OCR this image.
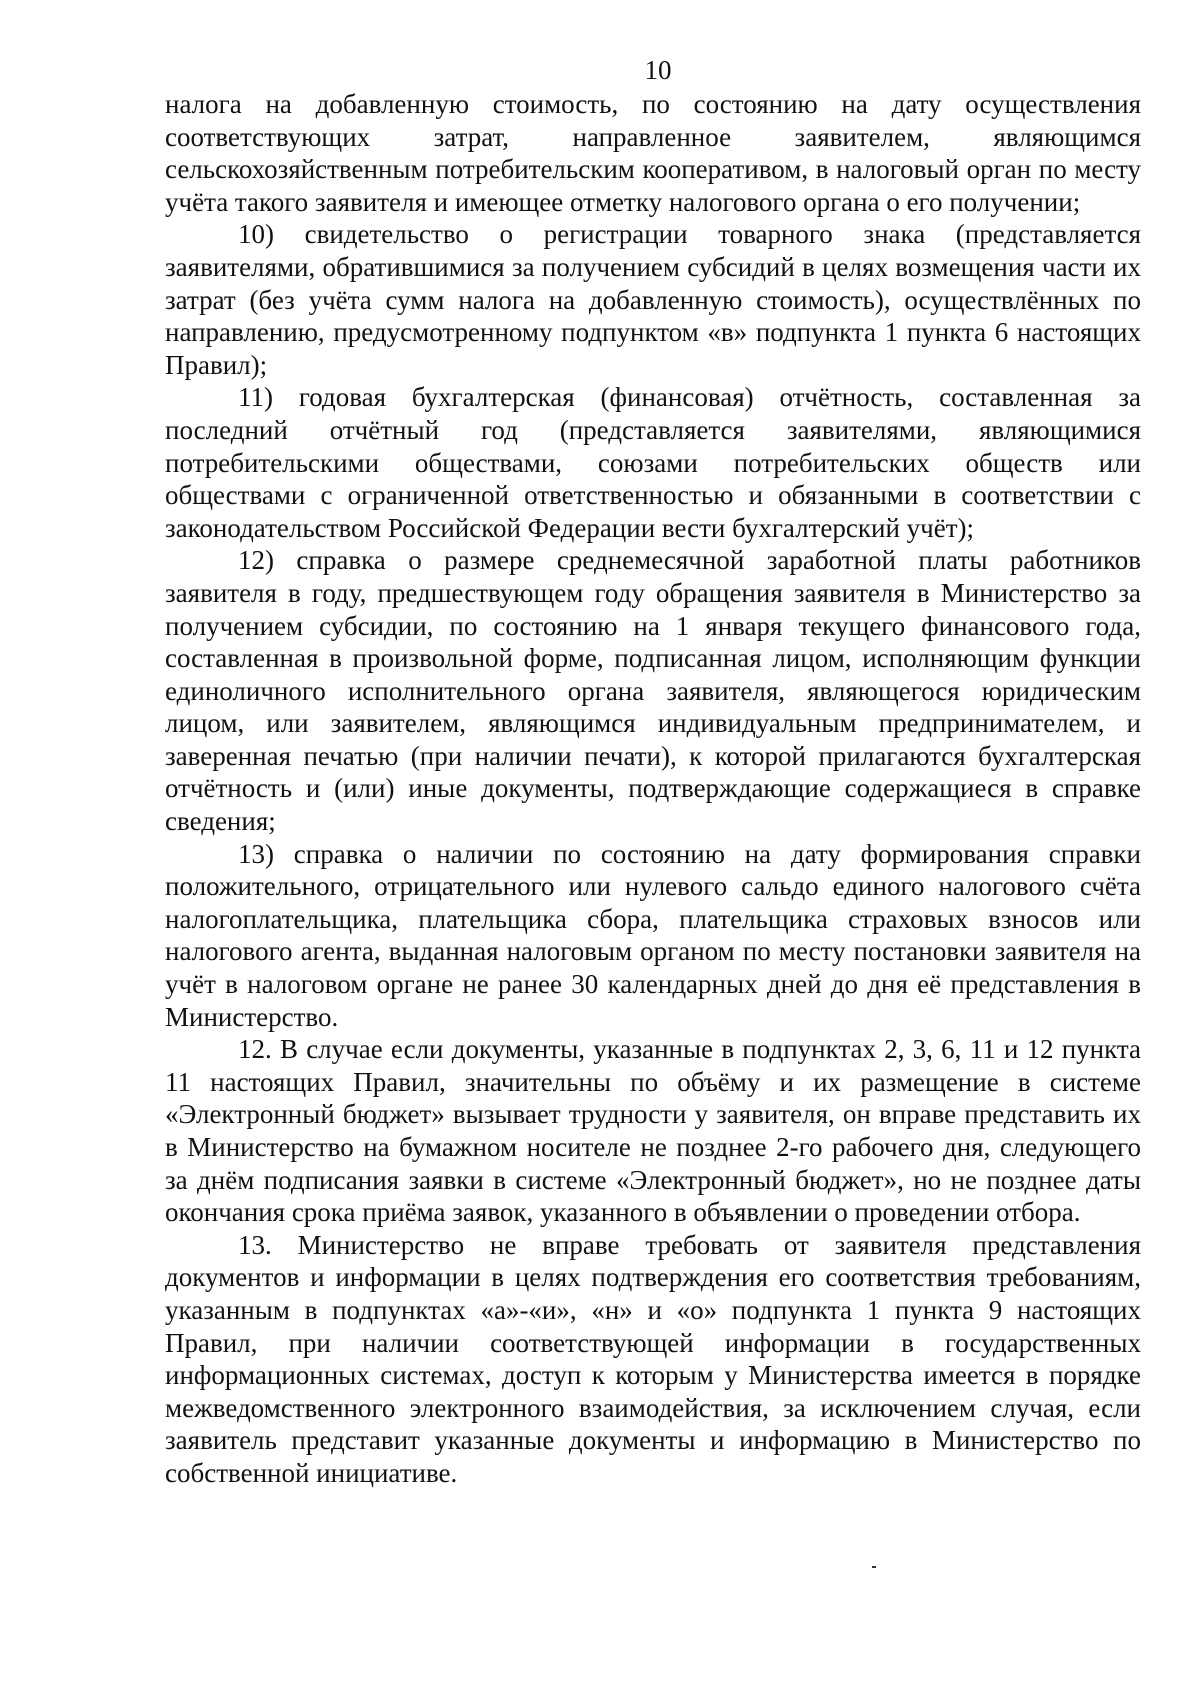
10

налога на добавленную стоимость, по состоянию на дату осуществления соответствующих затрат, направленное заявителем, являющимся сельскохозяйственным потребительским кооперативом, в налоговый орган по месту учёта такого заявителя и имеющее отметку налогового органа о его получении;

10) свидетельство о регистрации товарного знака (представляется заявителями, обратившимися за получением субсидий в целях возмещения части их затрат (без учёта сумм налога на добавленную стоимость), осуществлённых по направлению, предусмотренному подпунктом «в» подпункта 1 пункта 6 настоящих Правил);

11) годовая бухгалтерская (финансовая) отчётность, составленная за последний отчётный год (представляется заявителями, являющимися потребительскими обществами, союзами потребительских обществ или обществами с ограниченной ответственностью и обязанными в соответствии с законодательством Российской Федерации вести бухгалтерский учёт);

12) справка о размере среднемесячной заработной платы работников заявителя в году, предшествующем году обращения заявителя в Министерство за получением субсидии, по состоянию на 1 января текущего финансового года, составленная в произвольной форме, подписанная лицом, исполняющим функции единоличного исполнительного органа заявителя, являющегося юридическим лицом, или заявителем, являющимся индивидуальным предпринимателем, и заверенная печатью (при наличии печати), к которой прилагаются бухгалтерская отчётность и (или) иные документы, подтверждающие содержащиеся в справке сведения;

13) справка о наличии по состоянию на дату формирования справки положительного, отрицательного или нулевого сальдо единого налогового счёта налогоплательщика, плательщика сбора, плательщика страховых взносов или налогового агента, выданная налоговым органом по месту постановки заявителя на учёт в налоговом органе не ранее 30 календарных дней до дня её представления в Министерство.

12. В случае если документы, указанные в подпунктах 2, 3, 6, 11 и 12 пункта 11 настоящих Правил, значительны по объёму и их размещение в системе «Электронный бюджет» вызывает трудности у заявителя, он вправе представить их в Министерство на бумажном носителе не позднее 2-го рабочего дня, следующего за днём подписания заявки в системе «Электронный бюджет», но не позднее даты окончания срока приёма заявок, указанного в объявлении о проведении отбора.

13. Министерство не вправе требовать от заявителя представления документов и информации в целях подтверждения его соответствия требованиям, указанным в подпунктах «а»-«и», «н» и «о» подпункта 1 пункта 9 настоящих Правил, при наличии соответствующей информации в государственных информационных системах, доступ к которым у Министерства имеется в порядке межведомственного электронного взаимодействия, за исключением случая, если заявитель представит указанные документы и информацию в Министерство по собственной инициативе.
